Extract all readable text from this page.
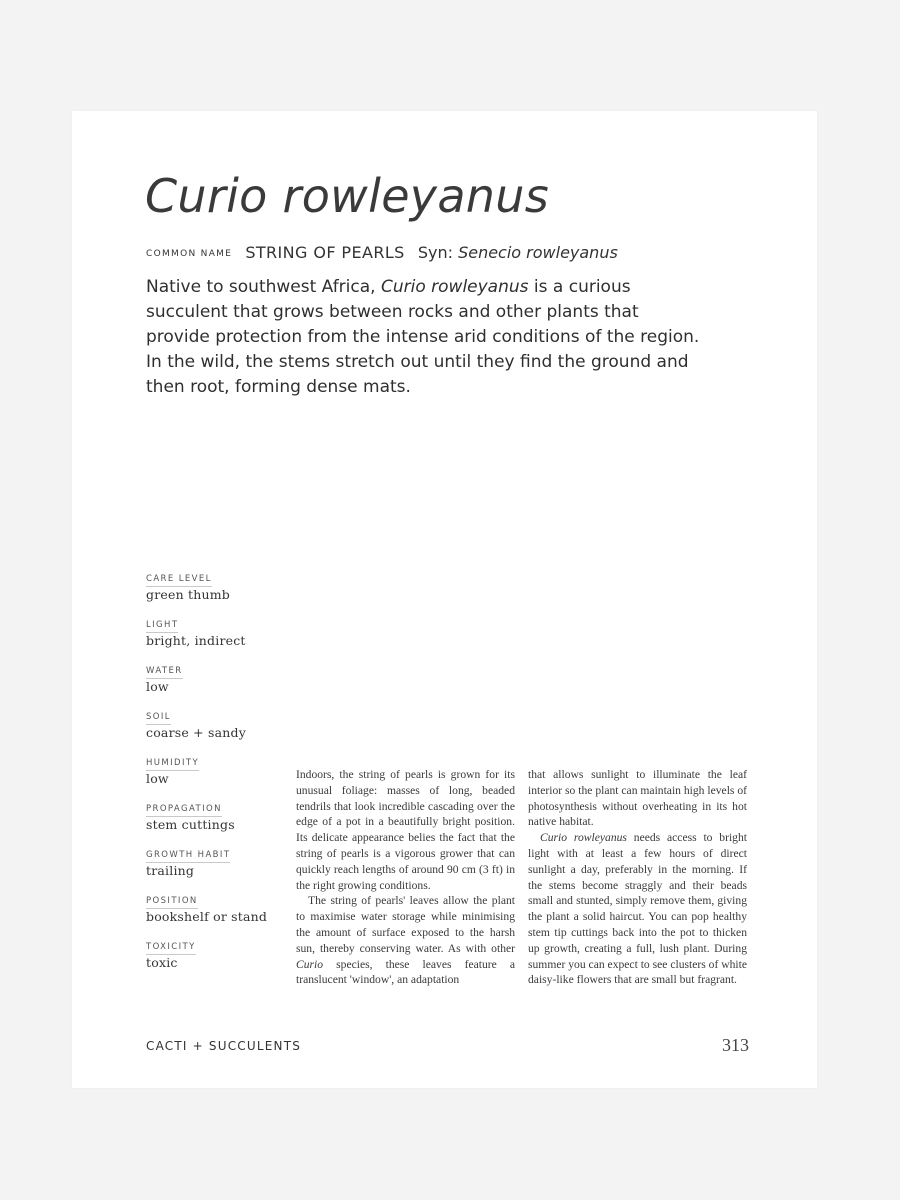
Curio rowleyanus
COMMON NAME STRING OF PEARLS Syn: Senecio rowleyanus

Native to southwest Africa, Curio rowleyanus is a curious succulent that grows between rocks and other plants that provide protection from the intense arid conditions of the region. In the wild, the stems stretch out until they find the ground and then root, forming dense mats.

CARE LEVEL
green thumb
LIGHT
bright, indirect
WATER
low
SOIL
coarse + sandy
HUMIDITY
low
PROPAGATION
stem cuttings
GROWTH HABIT
trailing
POSITION
bookshelf or stand
TOXICITY
toxic

Indoors, the string of pearls is grown for its unusual foliage: masses of long, beaded tendrils that look incredible cascading over the edge of a pot in a beautifully bright position. Its delicate appearance belies the fact that the string of pearls is a vigorous grower that can quickly reach lengths of around 90 cm (3 ft) in the right growing conditions.

The string of pearls' leaves allow the plant to maximise water storage while minimising the amount of surface exposed to the harsh sun, thereby conserving water. As with other Curio species, these leaves feature a translucent 'window', an adaptation

that allows sunlight to illuminate the leaf interior so the plant can maintain high levels of photosynthesis without overheating in its hot native habitat.

Curio rowleyanus needs access to bright light with at least a few hours of direct sunlight a day, preferably in the morning. If the stems become straggly and their beads small and stunted, simply remove them, giving the plant a solid haircut. You can pop healthy stem tip cuttings back into the pot to thicken up growth, creating a full, lush plant. During summer you can expect to see clusters of white daisy-like flowers that are small but fragrant.

CACTI + SUCCULENTS	313
